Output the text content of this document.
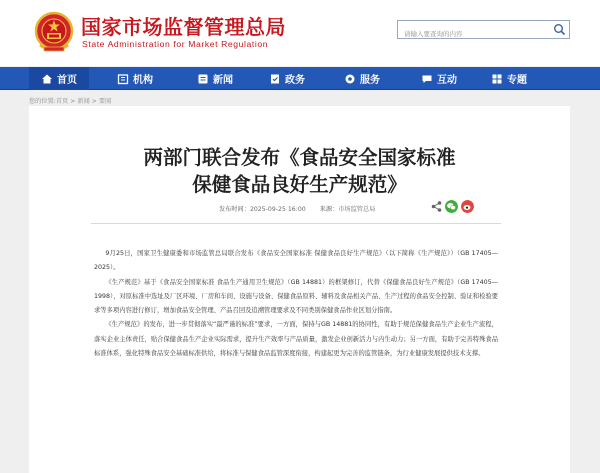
国家市场监督管理总局
State Administration for Market Regulation
请输入要查询的内容
首页	机构	新闻	政务	服务	互动	专题
您的位置:首页 > 新闻 > 要闻
两部门联合发布《食品安全国家标准
保健食品良好生产规范》
发布时间：2025-09-25 16:00 来源：市场监管总局

9月25日，国家卫生健康委和市场监管总局联合发布《食品安全国家标准 保健食品良好生产规范》（以下简称《生产规范》）（GB 17405—2025）。

《生产规范》基于《食品安全国家标准 食品生产通用卫生规范》（GB 14881）的框架修订，代替《保健食品良好生产规范》（GB 17405—1998），对原标准中选址及厂区环境、厂房和车间、设施与设备、保健食品原料、辅料及食品相关产品、生产过程的食品安全控制、验证和检验要求等多项内容进行修订，增加食品安全管理、产品召回及追溯管理要求及不同类别保健食品作业区划分指南。

《生产规范》的发布，进一步贯彻落实“最严谨的标准”要求，一方面，保持与GB 14881的协同性，有助于规范保健食品生产企业生产流程，落实企业主体责任，贴合保健食品生产企业实际需求，提升生产效率与产品质量，激发企业创新活力与内生动力；另一方面，有助于完善特殊食品标准体系，强化特殊食品安全基础标准供给，将标准与保健食品监管深度衔接，构建起更为完善的监管链条，为行业健康发展提供技术支撑。
